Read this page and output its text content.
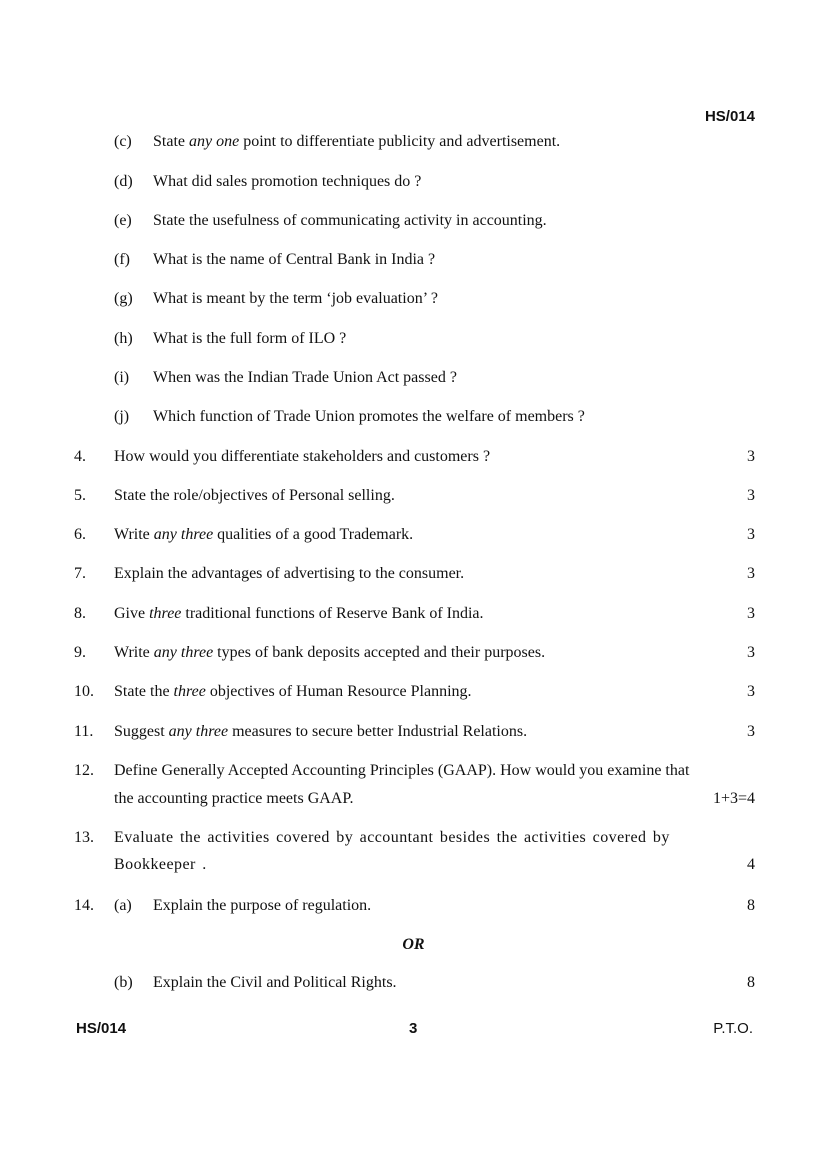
HS/014
(c) State any one point to differentiate publicity and advertisement.
(d) What did sales promotion techniques do ?
(e) State the usefulness of communicating activity in accounting.
(f) What is the name of Central Bank in India ?
(g) What is meant by the term ‘job evaluation’ ?
(h) What is the full form of ILO ?
(i) When was the Indian Trade Union Act passed ?
(j) Which function of Trade Union promotes the welfare of members ?
4. How would you differentiate stakeholders and customers ?	3
5. State the role/objectives of Personal selling.	3
6. Write any three qualities of a good Trademark.	3
7. Explain the advantages of advertising to the consumer.	3
8. Give three traditional functions of Reserve Bank of India.	3
9. Write any three types of bank deposits accepted and their purposes.	3
10. State the three objectives of Human Resource Planning.	3
11. Suggest any three measures to secure better Industrial Relations.	3
12. Define Generally Accepted Accounting Principles (GAAP). How would you examine that
the accounting practice meets GAAP.	1+3=4
13. Evaluate the activities covered by accountant besides the activities covered by
Bookkeeper .	4
14. (a) Explain the purpose of regulation.	8
OR
(b) Explain the Civil and Political Rights.	8
HS/014	3	P.T.O.
